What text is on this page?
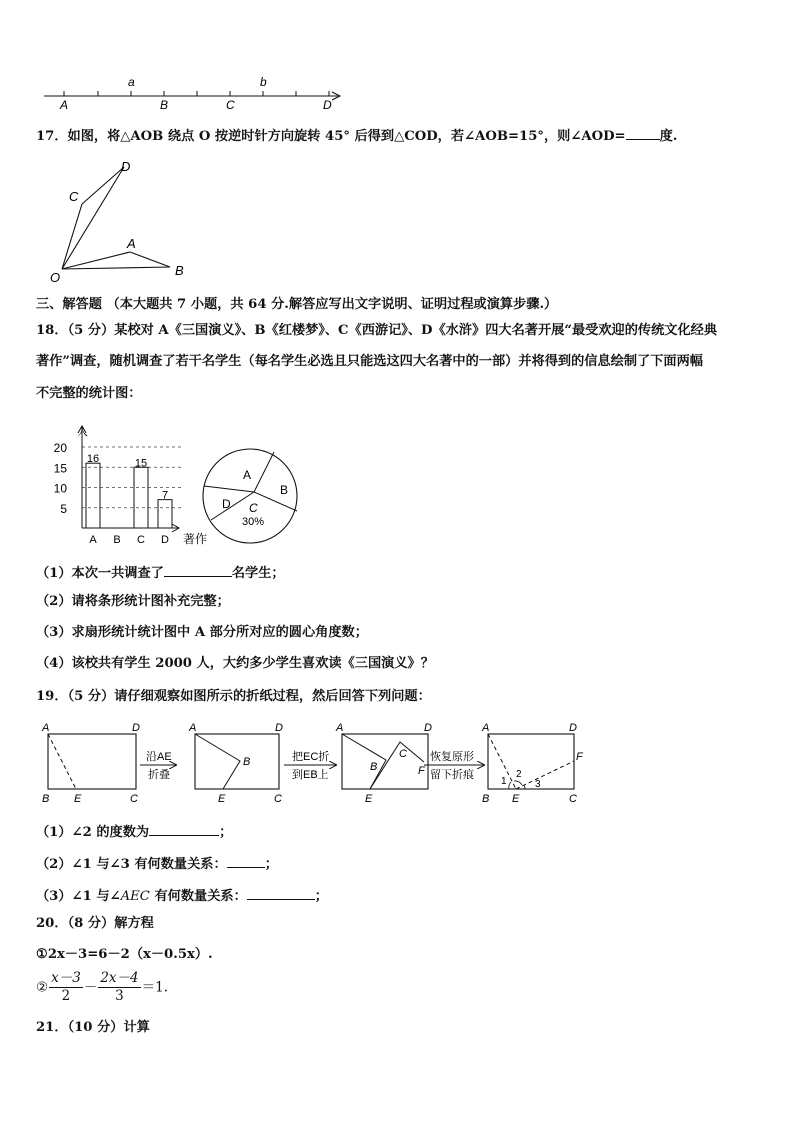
a	b
A	B	C	D
17．如图，将△AOB 绕点 O 按逆时针方向旋转 45° 后得到△COD，若∠AOB=15°，则∠AOD=	度.
D
C
A
O	B
三、解答题 （本大题共 7 小题，共 64 分.解答应写出文字说明、证明过程或演算步骤.）
18．（5 分）某校对 A《三国演义》、B《红楼梦》、C《西游记》、D《水浒》四大名著开展“最受欢迎的传统文化经典
著作”调查，随机调查了若干名学生（每名学生必选且只能选这四大名著中的一部）并将得到的信息绘制了下面两幅
不完整的统计图：
人
著作
5
10
15
20
16
A B
15
C
7
D
A
B
C
D
30%
（1）本次一共调查了	名学生；
（2）请将条形统计图补充完整；
（3）求扇形统计统计图中 A 部分所对应的圆心角度数；
（4）该校共有学生 2000 人，大约多少学生喜欢读《三国演义》？
19．（5 分）请仔细观察如图所示的折纸过程，然后回答下列问题：
A	D
B E	C
沿AE
折叠
A	D
B
E	C
把EC折
到EB上
A	D
B
C
F
E
恢复原形
留下折痕
A	D
F
B E	C
1
2
3
（1）∠2 的度数为	；
（2）∠1 与∠3 有何数量关系：	；
（3）∠1 与∠AEC 有何数量关系：	；
20．（8 分）解方程
①2x－3=6－2（x－0.5x）.
② $\frac{x-3}{2} - \frac{2x-4}{3} =1$.
21．（10 分）计算
